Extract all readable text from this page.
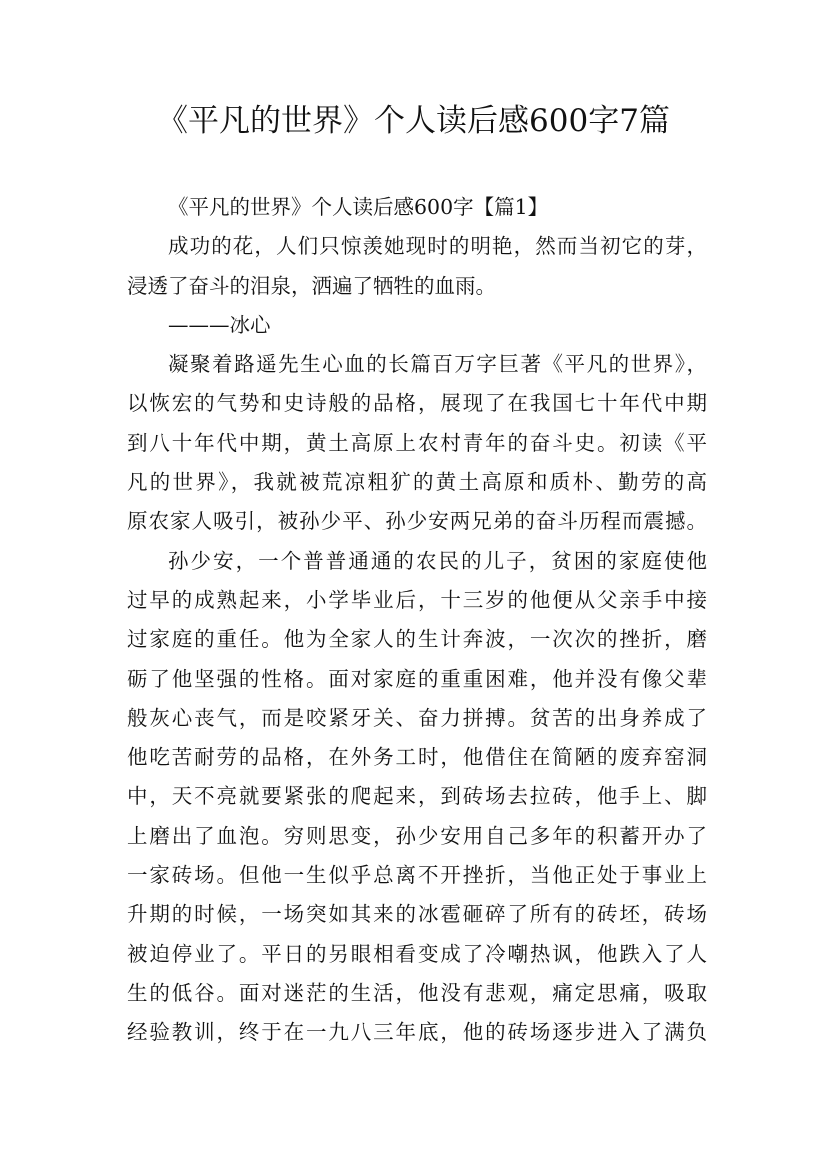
《平凡的世界》个人读后感600字7篇
《平凡的世界》个人读后感600字【篇1】
成功的花，人们只惊羡她现时的明艳，然而当初它的芽，
浸透了奋斗的泪泉，洒遍了牺牲的血雨。
———冰心
凝聚着路遥先生心血的长篇百万字巨著《平凡的世界》，
以恢宏的气势和史诗般的品格，展现了在我国七十年代中期
到八十年代中期，黄土高原上农村青年的奋斗史。初读《平
凡的世界》，我就被荒凉粗犷的黄土高原和质朴、勤劳的高
原农家人吸引，被孙少平、孙少安两兄弟的奋斗历程而震撼。
孙少安，一个普普通通的农民的儿子，贫困的家庭使他
过早的成熟起来，小学毕业后，十三岁的他便从父亲手中接
过家庭的重任。他为全家人的生计奔波，一次次的挫折，磨
砺了他坚强的性格。面对家庭的重重困难，他并没有像父辈
般灰心丧气，而是咬紧牙关、奋力拼搏。贫苦的出身养成了
他吃苦耐劳的品格，在外务工时，他借住在简陋的废弃窑洞
中，天不亮就要紧张的爬起来，到砖场去拉砖，他手上、脚
上磨出了血泡。穷则思变，孙少安用自己多年的积蓄开办了
一家砖场。但他一生似乎总离不开挫折，当他正处于事业上
升期的时候，一场突如其来的冰雹砸碎了所有的砖坯，砖场
被迫停业了。平日的另眼相看变成了冷嘲热讽，他跌入了人
生的低谷。面对迷茫的生活，他没有悲观，痛定思痛，吸取
经验教训，终于在一九八三年底，他的砖场逐步进入了满负
